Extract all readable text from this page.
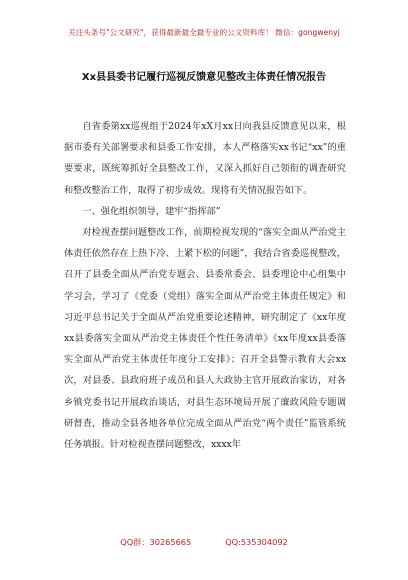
关注头条号"公文研究"，获得最新最全最专业的公文资料库！ 微信：gongwenyj
Xx县县委书记履行巡视反馈意见整改主体责任情况报告

自省委第xx巡视组于2024年xX月xx日向我县反馈意见以来，根据市委有关部署要求和县委工作安排，本人严格落实xx书记“xx”的重要要求，既统筹抓好全县整改工作，又深入抓好自己领衔的调查研究和整改整治工作，取得了初步成效。现将有关情况报告如下。

一、强化组织领导，建牢“指挥部”

对检视查摆问题整改工作，前期检视发现的“落实全面从严治党主体责任依然存在上热下冷、上紧下松的问题”，我结合省委巡视整改，召开了县委全面从严治党专题会、县委常委会、县委理论中心组集中学习会，学习了《党委（党组）落实全面从严治党主体责任规定》和习近平总书记关于全面从严治党重要论述精神，研究制定了《xx年度xx县委落实全面从严治党主体责任个性任务清单》《xx年度xx县委落实全面从严治党主体责任年度分工安排》；召开全县警示教育大会xx次，对县委、县政府班子成员和县人大政协主官开展政治家访，对各乡镇党委书记开展政治谈话，对县生态环境局开展了廉政风险专题调研督查，推动全县各地各单位完成全面从严治党“两个责任”监管系统任务填报。针对检视查摆问题整改，xxxx年

QQ群：30265665	QQ:535304092
